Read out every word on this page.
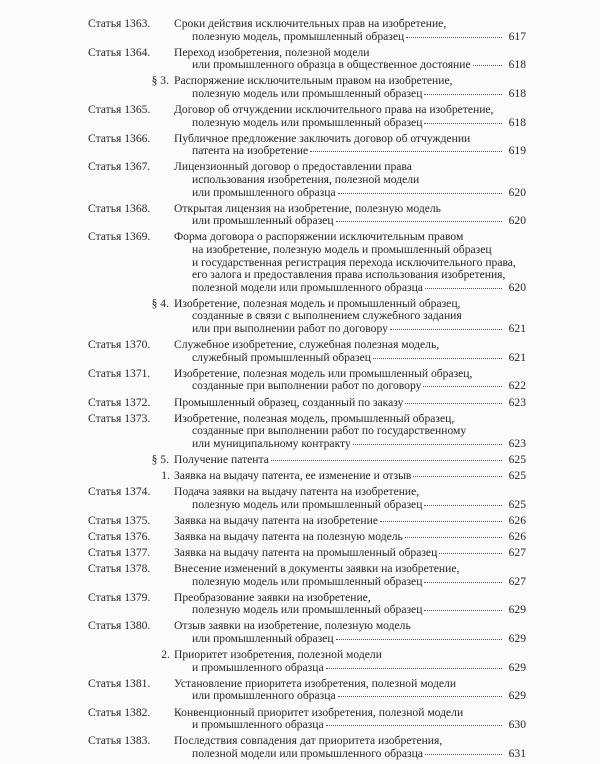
Статья 1363.	Сроки действия исключительных прав на изобретение,
полезную модель, промышленный образец	617
Статья 1364.	Переход изобретения, полезной модели
или промышленного образца в общественное достояние	618
§ 3. Распоряжение исключительным правом на изобретение,
полезную модель или промышленный образец	618
Статья 1365.	Договор об отчуждении исключительного права на изобретение,
полезную модель или промышленный образец	618
Статья 1366.	Публичное предложение заключить договор об отчуждении
патента на изобретение	619
Статья 1367.	Лицензионный договор о предоставлении права
использования изобретения, полезной модели
или промышленного образца	620
Статья 1368.	Открытая лицензия на изобретение, полезную модель
или промышленный образец	620
Статья 1369.	Форма договора о распоряжении исключительным правом
на изобретение, полезную модель и промышленный образец
и государственная регистрация перехода исключительного права,
его залога и предоставления права использования изобретения,
полезной модели или промышленного образца	620
§ 4. Изобретение, полезная модель и промышленный образец,
созданные в связи с выполнением служебного задания
или при выполнении работ по договору	621
Статья 1370.	Служебное изобретение, служебная полезная модель,
служебный промышленный образец	621
Статья 1371.	Изобретение, полезная модель или промышленный образец,
созданные при выполнении работ по договору	622
Статья 1372.	Промышленный образец, созданный по заказу	623
Статья 1373.	Изобретение, полезная модель, промышленный образец,
созданные при выполнении работ по государственному
или муниципальному контракту	623
§ 5. Получение патента	625
1. Заявка на выдачу патента, ее изменение и отзыв	625
Статья 1374.	Подача заявки на выдачу патента на изобретение,
полезную модель или промышленный образец	625
Статья 1375.	Заявка на выдачу патента на изобретение	626
Статья 1376.	Заявка на выдачу патента на полезную модель	626
Статья 1377.	Заявка на выдачу патента на промышленный образец	627
Статья 1378.	Внесение изменений в документы заявки на изобретение,
полезную модель или промышленный образец	627
Статья 1379.	Преобразование заявки на изобретение,
полезную модель или промышленный образец	629
Статья 1380.	Отзыв заявки на изобретение, полезную модель
или промышленный образец	629
2. Приоритет изобретения, полезной модели
и промышленного образца	629
Статья 1381.	Установление приоритета изобретения, полезной модели
или промышленного образца	629
Статья 1382.	Конвенционный приоритет изобретения, полезной модели
и промышленного образца	630
Статья 1383.	Последствия совпадения дат приоритета изобретения,
полезной модели или промышленного образца	631
